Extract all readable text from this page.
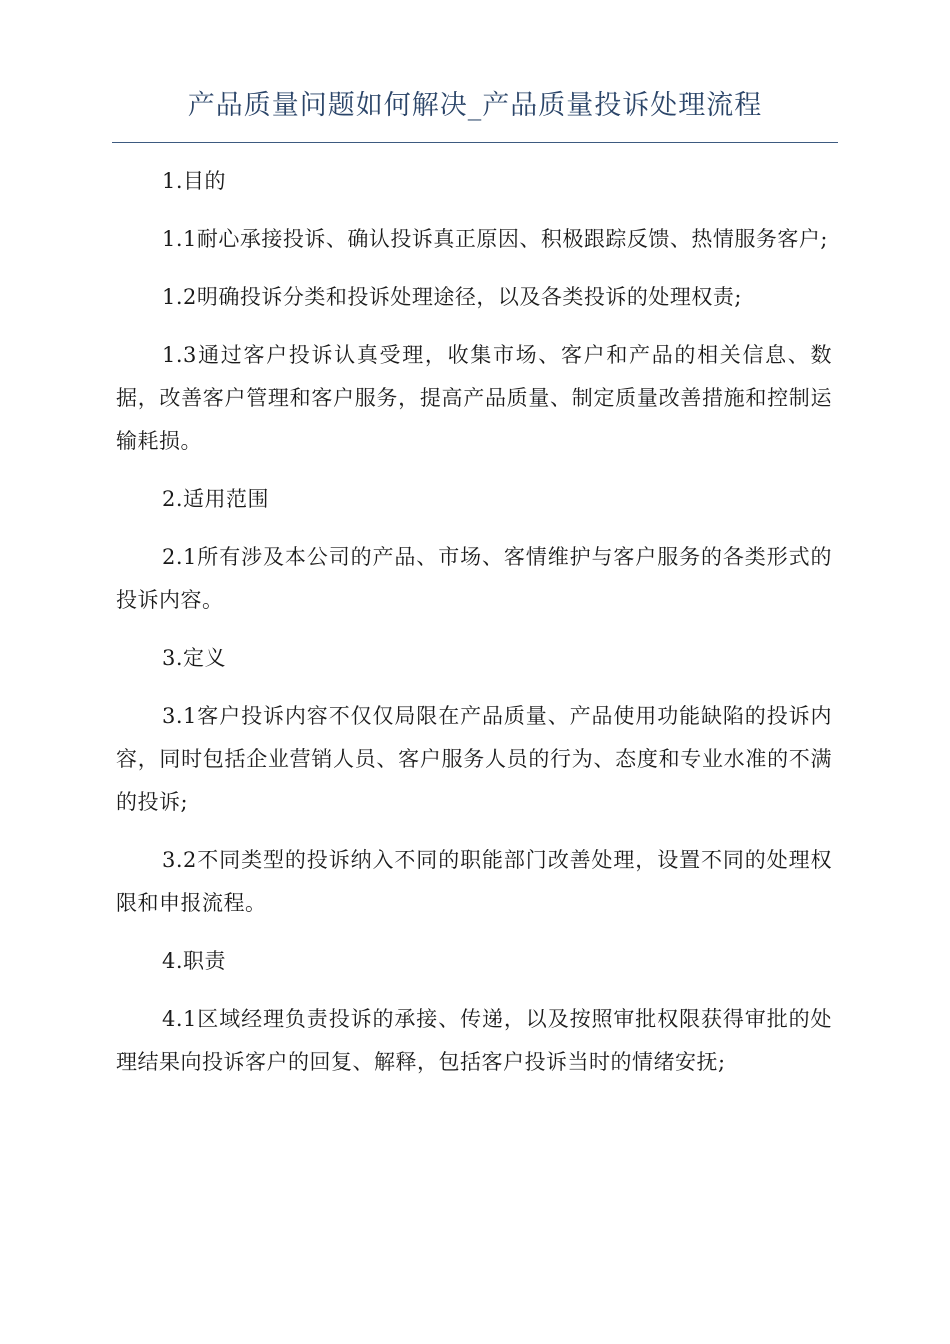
产品质量问题如何解决_产品质量投诉处理流程

1.目的

1.1耐心承接投诉、确认投诉真正原因、积极跟踪反馈、热情服务客户;

1.2明确投诉分类和投诉处理途径，以及各类投诉的处理权责;

1.3通过客户投诉认真受理，收集市场、客户和产品的相关信息、数据，改善客户管理和客户服务，提高产品质量、制定质量改善措施和控制运输耗损。

2.适用范围

2.1所有涉及本公司的产品、市场、客情维护与客户服务的各类形式的投诉内容。

3.定义

3.1客户投诉内容不仅仅局限在产品质量、产品使用功能缺陷的投诉内容，同时包括企业营销人员、客户服务人员的行为、态度和专业水准的不满的投诉;

3.2不同类型的投诉纳入不同的职能部门改善处理，设置不同的处理权限和申报流程。

4.职责

4.1区域经理负责投诉的承接、传递，以及按照审批权限获得审批的处理结果向投诉客户的回复、解释，包括客户投诉当时的情绪安抚;
